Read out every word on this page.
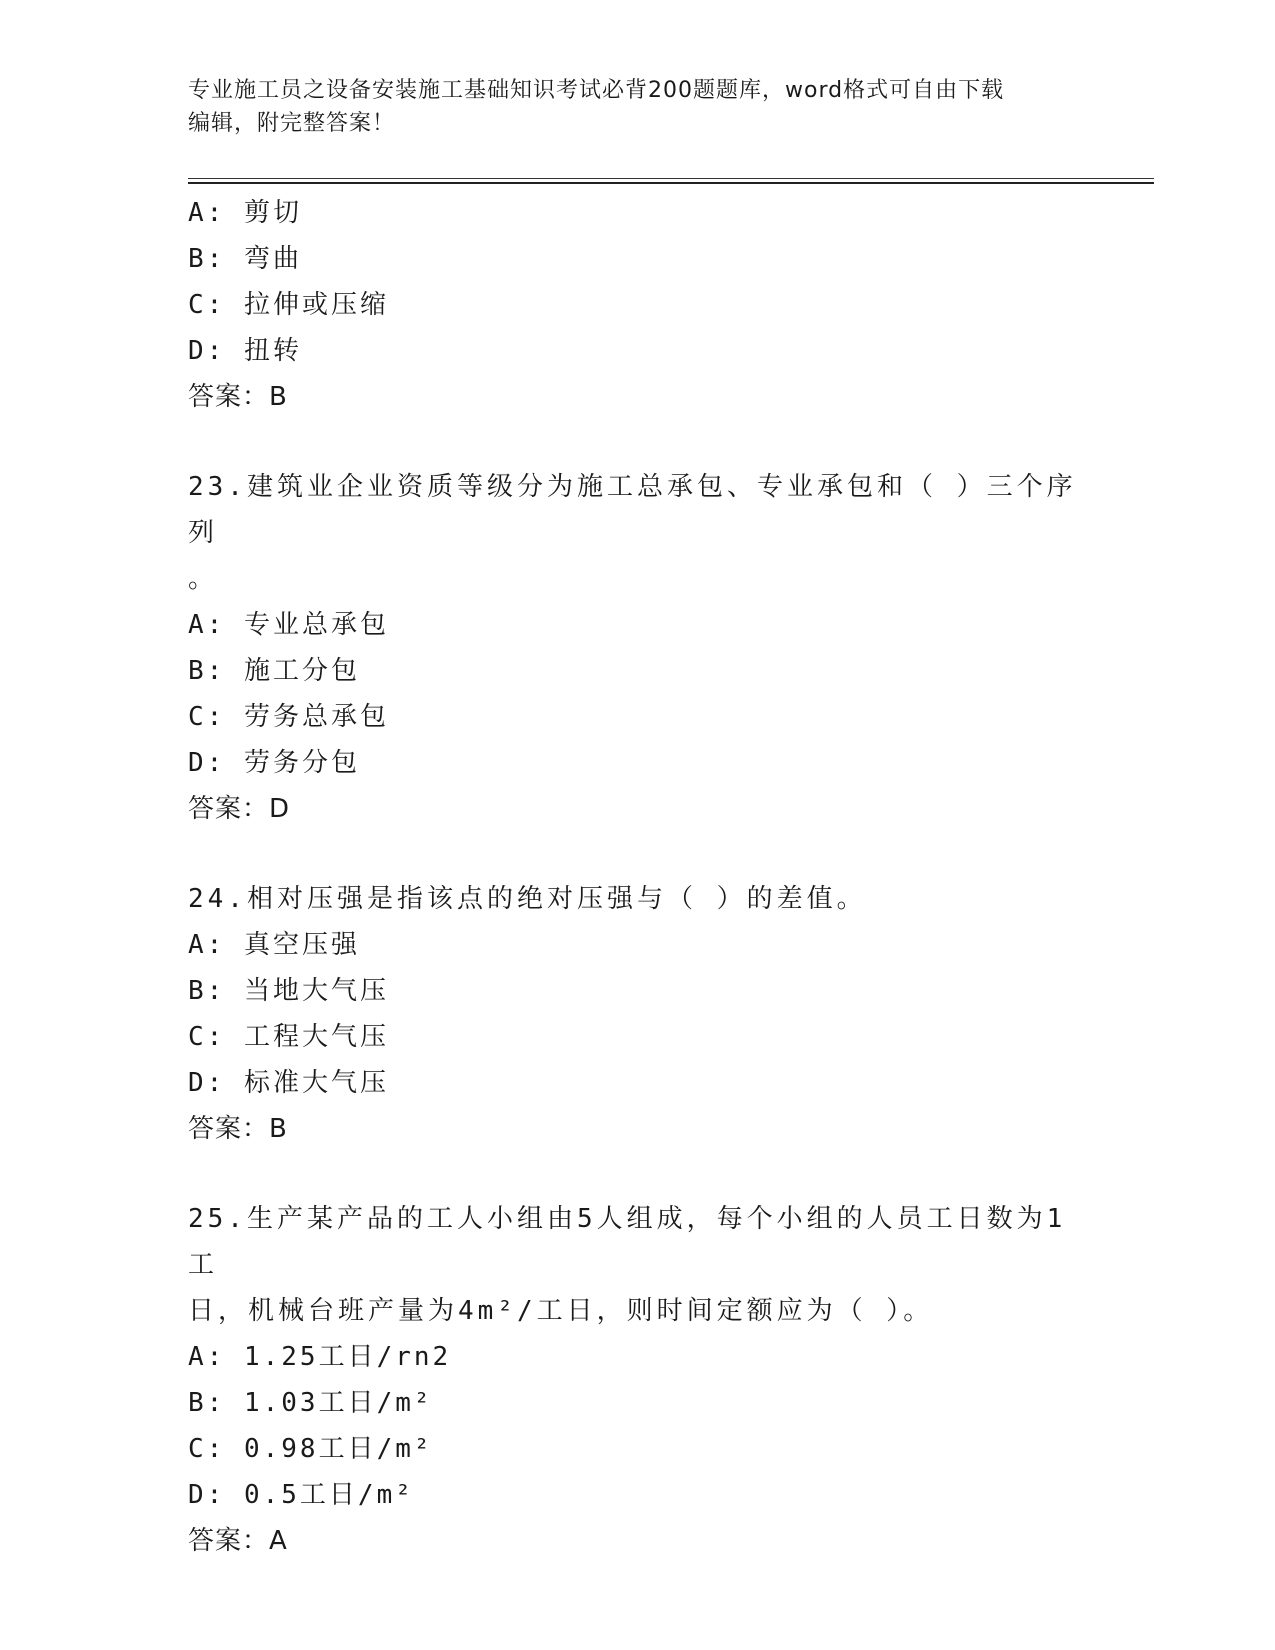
专业施工员之设备安装施工基础知识考试必背200题题库，word格式可自由下载
编辑，附完整答案！
A: 剪切
B: 弯曲
C: 拉伸或压缩
D: 扭转
答案：B
23.建筑业企业资质等级分为施工总承包、专业承包和（ ）三个序列
。
A: 专业总承包
B: 施工分包
C: 劳务总承包
D: 劳务分包
答案：D
24.相对压强是指该点的绝对压强与（ ）的差值。
A: 真空压强
B: 当地大气压
C: 工程大气压
D: 标准大气压
答案：B
25.生产某产品的工人小组由5人组成，每个小组的人员工日数为1工
日，机械台班产量为4m²/工日，则时间定额应为（ ）。
A: 1.25工日/rn2
B: 1.03工日/m²
C: 0.98工日/m²
D: 0.5工日/m²
答案：A
